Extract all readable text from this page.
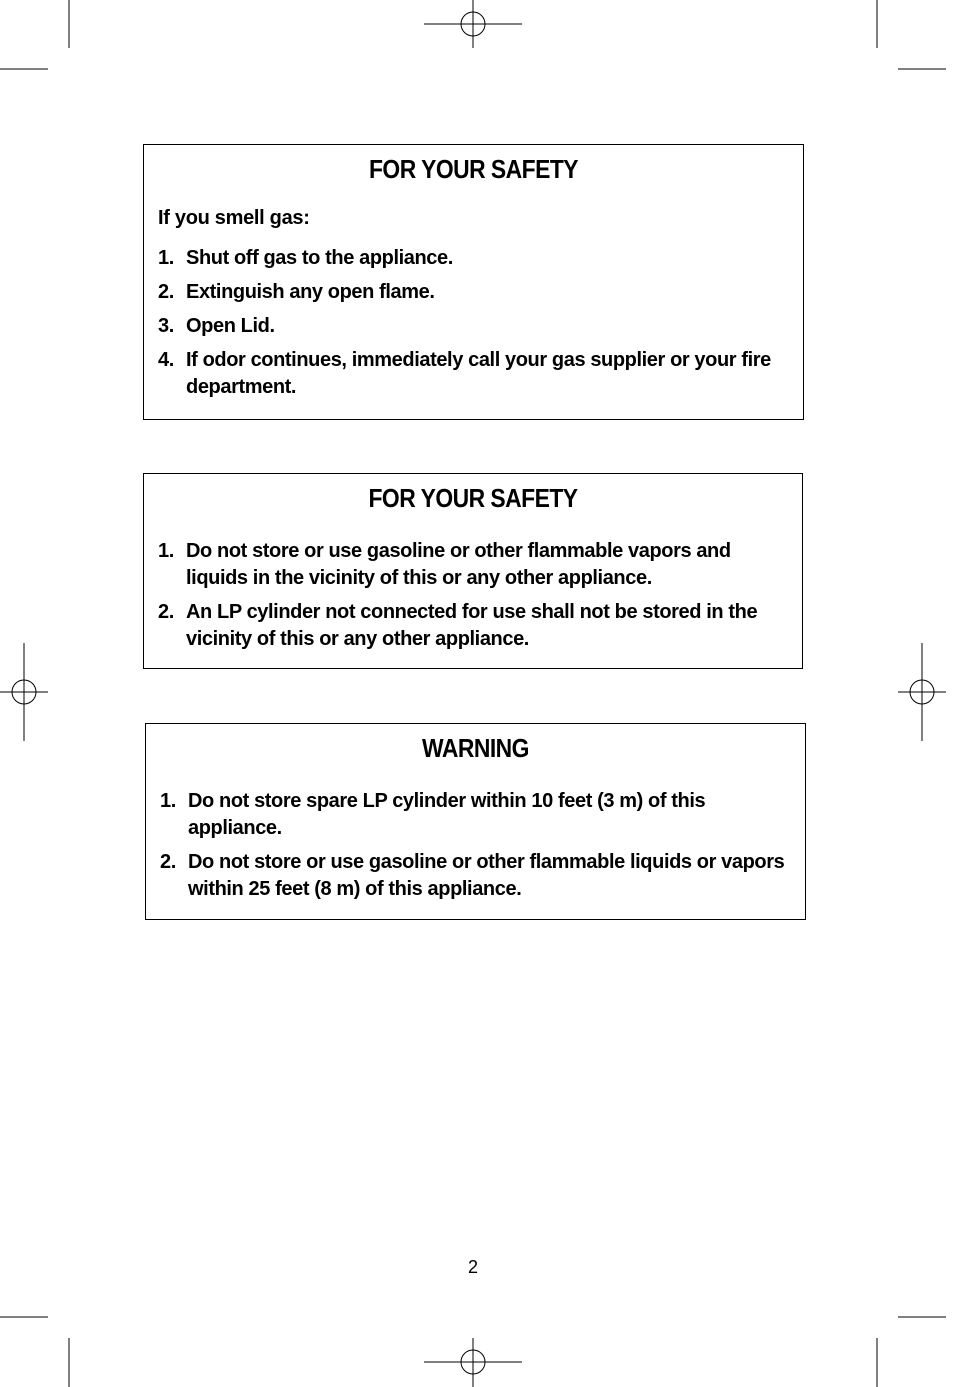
FOR YOUR SAFETY

If you smell gas:

1. Shut off gas to the appliance.
2. Extinguish any open flame.
3. Open Lid.
4. If odor continues, immediately call your gas supplier or your fire department.
FOR YOUR SAFETY
1. Do not store or use gasoline or other flammable vapors and liquids in the vicinity of this or any other appliance.
2. An LP cylinder not connected for use shall not be stored in the vicinity of this or any other appliance.
WARNING
1. Do not store spare LP cylinder within 10 feet (3 m) of this appliance.
2. Do not store or use gasoline or other flammable liquids or vapors within 25 feet (8 m) of this appliance.
2
